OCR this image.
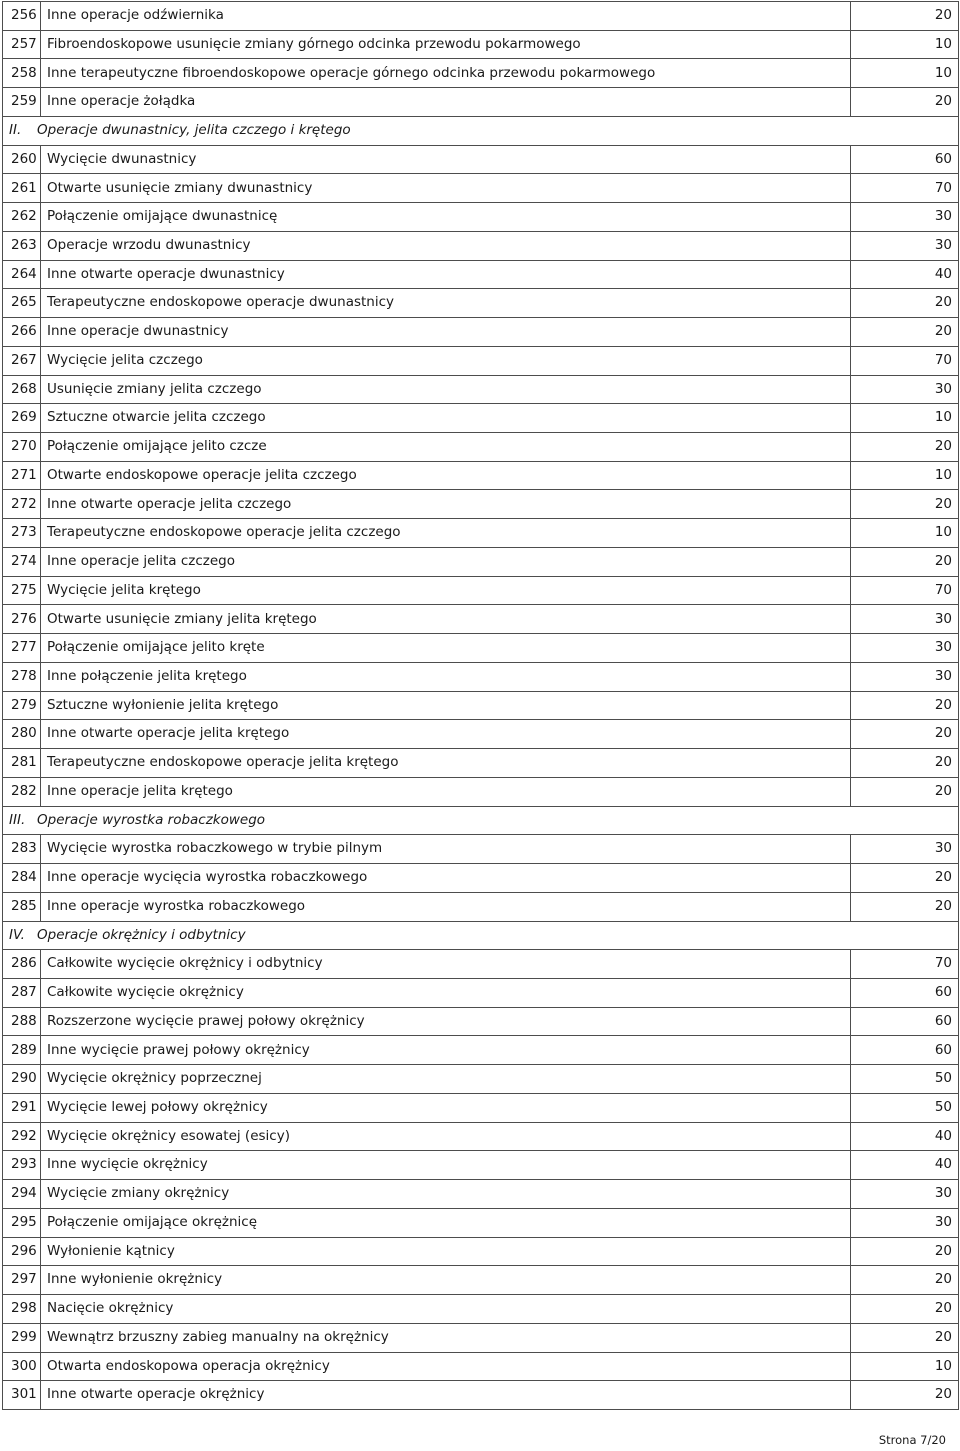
256	Inne operacje odźwiernika	20
257	Fibroendoskopowe usunięcie zmiany górnego odcinka przewodu pokarmowego	10
258	Inne terapeutyczne fibroendoskopowe operacje górnego odcinka przewodu pokarmowego	10
259	Inne operacje żołądka	20
II. Operacje dwunastnicy, jelita czczego i krętego		
260	Wycięcie dwunastnicy	60
261	Otwarte usunięcie zmiany dwunastnicy	70
262	Połączenie omijające dwunastnicę	30
263	Operacje wrzodu dwunastnicy	30
264	Inne otwarte operacje dwunastnicy	40
265	Terapeutyczne endoskopowe operacje dwunastnicy	20
266	Inne operacje dwunastnicy	20
267	Wycięcie jelita czczego	70
268	Usunięcie zmiany jelita czczego	30
269	Sztuczne otwarcie jelita czczego	10
270	Połączenie omijające jelito czcze	20
271	Otwarte endoskopowe operacje jelita czczego	10
272	Inne otwarte operacje jelita czczego	20
273	Terapeutyczne endoskopowe operacje jelita czczego	10
274	Inne operacje jelita czczego	20
275	Wycięcie jelita krętego	70
276	Otwarte usunięcie zmiany jelita krętego	30
277	Połączenie omijające jelito kręte	30
278	Inne połączenie jelita krętego	30
279	Sztuczne wyłonienie jelita krętego	20
280	Inne otwarte operacje jelita krętego	20
281	Terapeutyczne endoskopowe operacje jelita krętego	20
282	Inne operacje jelita krętego	20
III. Operacje wyrostka robaczkowego		
283	Wycięcie wyrostka robaczkowego w trybie pilnym	30
284	Inne operacje wycięcia wyrostka robaczkowego	20
285	Inne operacje wyrostka robaczkowego	20
IV. Operacje okrężnicy i odbytnicy		
286	Całkowite wycięcie okrężnicy i odbytnicy	70
287	Całkowite wycięcie okrężnicy	60
288	Rozszerzone wycięcie prawej połowy okrężnicy	60
289	Inne wycięcie prawej połowy okrężnicy	60
290	Wycięcie okrężnicy poprzecznej	50
291	Wycięcie lewej połowy okrężnicy	50
292	Wycięcie okrężnicy esowatej (esicy)	40
293	Inne wycięcie okrężnicy	40
294	Wycięcie zmiany okrężnicy	30
295	Połączenie omijające okrężnicę	30
296	Wyłonienie kątnicy	20
297	Inne wyłonienie okrężnicy	20
298	Nacięcie okrężnicy	20
299	Wewnątrz brzuszny zabieg manualny na okrężnicy	20
300	Otwarta endoskopowa operacja okrężnicy	10
301	Inne otwarte operacje okrężnicy	20
Strona 7/20
